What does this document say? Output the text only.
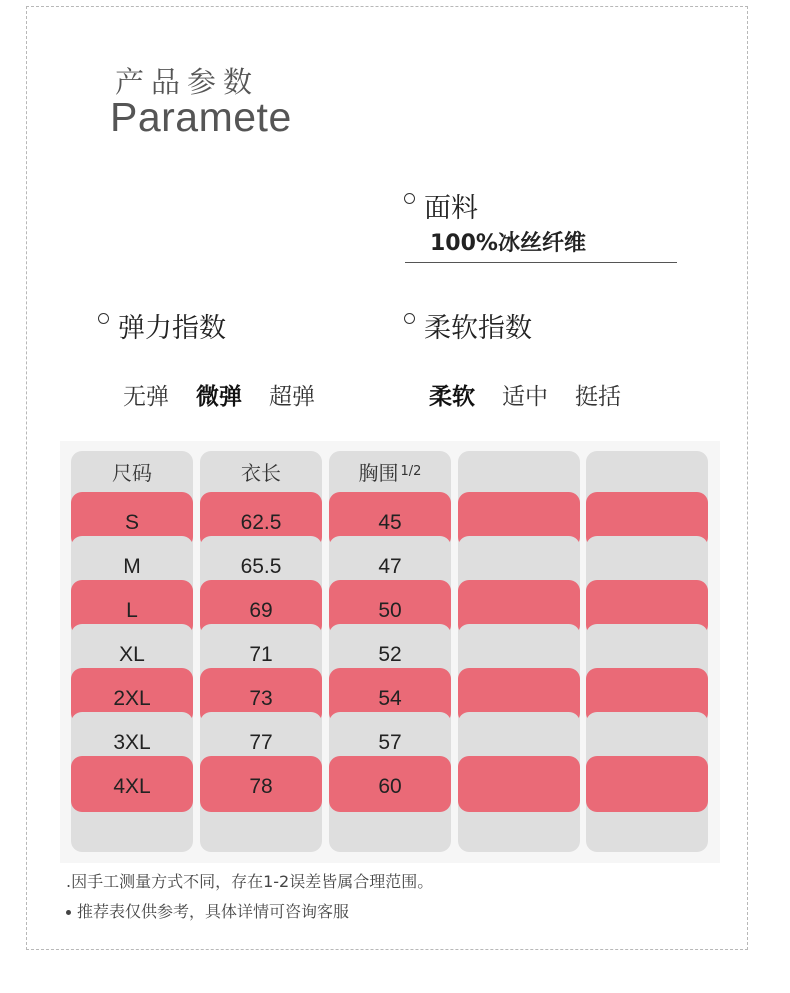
产品参数
Paramete
面料
100%冰丝纤维
弹力指数
无弹 微弹 超弹
柔软指数
柔软 适中 挺括
尺码
S
M
L
XL
2XL
3XL
4XL
衣长
62.5
65.5
69
71
73
77
78
胸围 1/2
45
47
50
52
54
57
60
.因手工测量方式不同，存在1-2误差皆属合理范围。
推荐表仅供参考，具体详情可咨询客服
